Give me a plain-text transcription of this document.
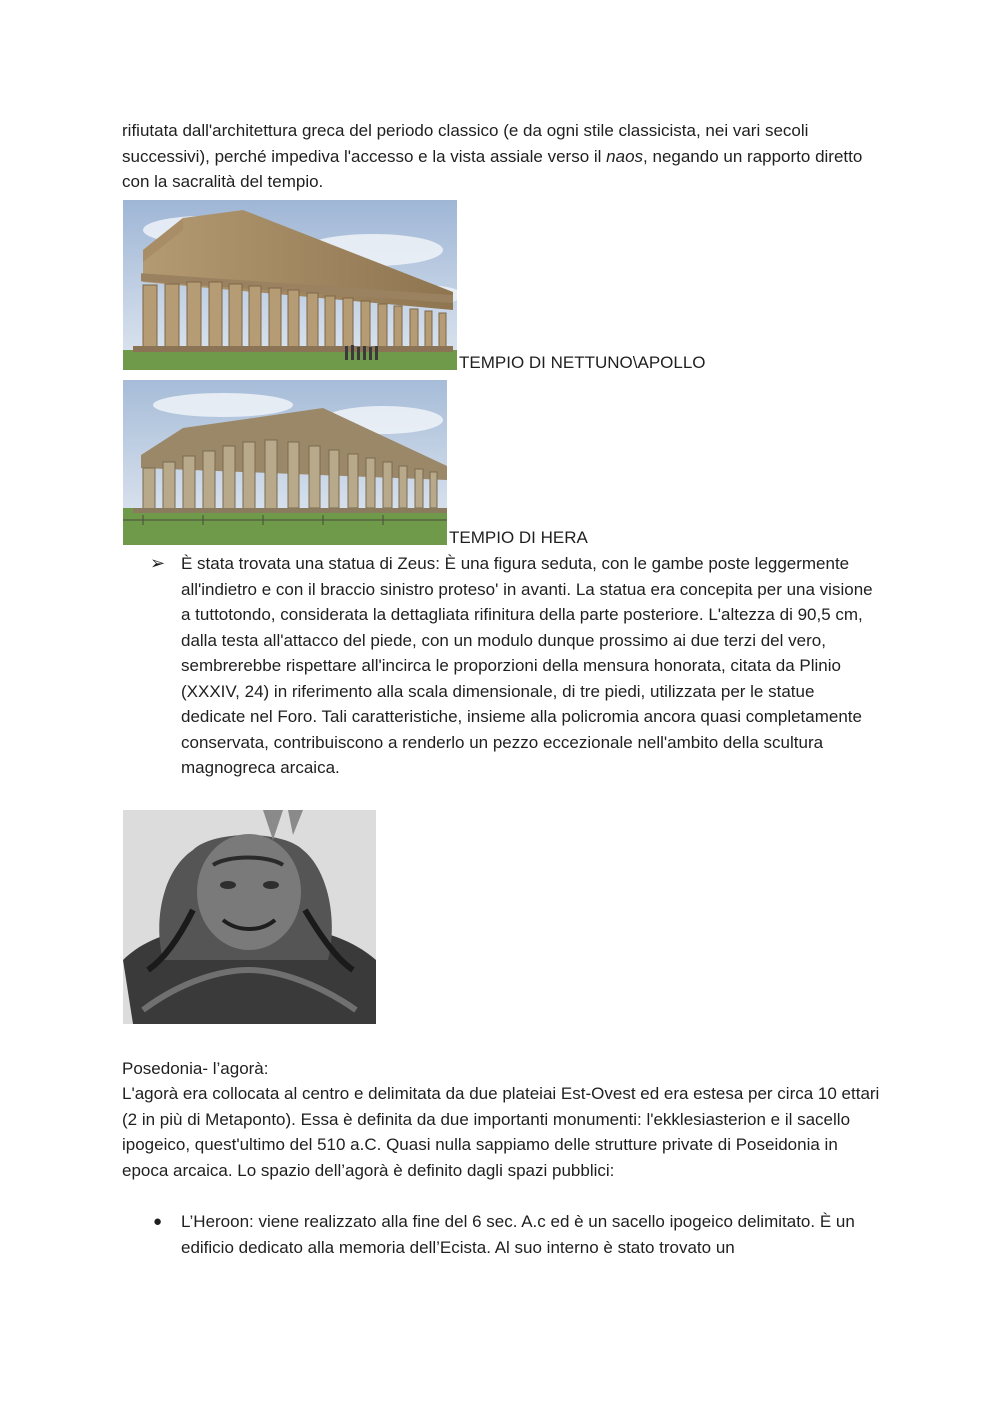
rifiutata dall'architettura greca del periodo classico (e da ogni stile classicista, nei vari secoli successivi), perché impediva l'accesso e la vista assiale verso il naos, negando un rapporto diretto con la sacralità del tempio.

TEMPIO DI NETTUNO\APOLLO
TEMPIO DI HERA
➢ È stata trovata una statua di Zeus: È una figura seduta, con le gambe poste leggermente all'indietro e con il braccio sinistro proteso' in avanti. La statua era concepita per una visione a tuttotondo, considerata la dettagliata rifinitura della parte posteriore. L'altezza di 90,5 cm, dalla testa all'attacco del piede, con un modulo dunque prossimo ai due terzi del vero, sembrerebbe rispettare all'incirca le proporzioni della mensura honorata, citata da Plinio (XXXIV, 24) in riferimento alla scala dimensionale, di tre piedi, utilizzata per le statue dedicate nel Foro. Tali caratteristiche, insieme alla policromia ancora quasi completamente conservata, contribuiscono a renderlo un pezzo eccezionale nell'ambito della scultura magnogreca arcaica.
Posedonia- l’agorà:

L'agorà era collocata al centro e delimitata da due plateiai Est-Ovest ed era estesa per circa 10 ettari (2 in più di Metaponto). Essa è definita da due importanti monumenti: l'ekklesiasterion e il sacello ipogeico, quest'ultimo del 510 a.C. Quasi nulla sappiamo delle strutture private di Poseidonia in epoca arcaica. Lo spazio dell’agorà è definito dagli spazi pubblici:

●	L’Heroon: viene realizzato alla fine del 6 sec. A.c ed è un sacello ipogeico delimitato. È un edificio dedicato alla memoria dell’Ecista. Al suo interno è stato trovato un
